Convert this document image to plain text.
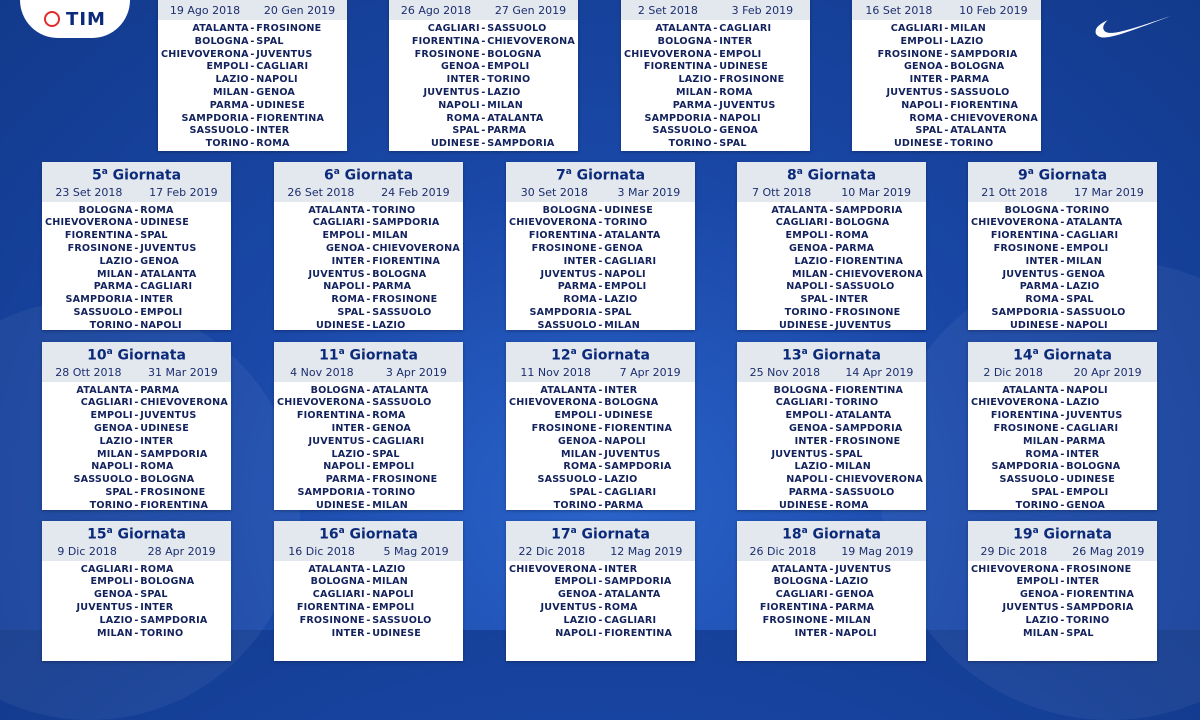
TIM	19 Ago 2018 20 Gen 2019
ATALANTA - FROSINONE
BOLOGNA - SPAL
CHIEVOVERONA - JUVENTUS
EMPOLI - CAGLIARI
LAZIO - NAPOLI
MILAN - GENOA
PARMA - UDINESE
SAMPDORIA - FIORENTINA
SASSUOLO - INTER
TORINO - ROMA
26 Ago 2018 27 Gen 2019
CAGLIARI - SASSUOLO
FIORENTINA - CHIEVOVERONA
FROSINONE - BOLOGNA
GENOA - EMPOLI
INTER - TORINO
JUVENTUS - LAZIO
NAPOLI - MILAN
ROMA - ATALANTA
SPAL - PARMA
UDINESE - SAMPDORIA
2 Set 2018	3 Feb 2019
ATALANTA - CAGLIARI
BOLOGNA - INTER
CHIEVOVERONA - EMPOLI
FIORENTINA - UDINESE
LAZIO - FROSINONE
MILAN - ROMA
PARMA - JUVENTUS
SAMPDORIA - NAPOLI
SASSUOLO - GENOA
TORINO - SPAL
16 Set 2018 10 Feb 2019
CAGLIARI - MILAN
EMPOLI - LAZIO
FROSINONE - SAMPDORIA
GENOA - BOLOGNA
INTER - PARMA
JUVENTUS - SASSUOLO
NAPOLI - FIORENTINA
ROMA - CHIEVOVERONA
SPAL - ATALANTA
UDINESE - TORINO
5$^a$ Giornata
23 Set 2018 17 Feb 2019
BOLOGNA - ROMA
CHIEVOVERONA - UDINESE
FIORENTINA - SPAL
FROSINONE - JUVENTUS
LAZIO - GENOA
MILAN - ATALANTA
PARMA - CAGLIARI
SAMPDORIA - INTER
SASSUOLO - EMPOLI
TORINO - NAPOLI
6$^a$ Giornata
26 Set 2018 24 Feb 2019
ATALANTA - TORINO
CAGLIARI - SAMPDORIA
EMPOLI - MILAN
GENOA - CHIEVOVERONA
INTER - FIORENTINA
JUVENTUS - BOLOGNA
NAPOLI - PARMA
ROMA - FROSINONE
SPAL - SASSUOLO
UDINESE - LAZIO
7$^a$ Giornata
30 Set 2018	3 Mar 2019
BOLOGNA - UDINESE
CHIEVOVERONA - TORINO
FIORENTINA - ATALANTA
FROSINONE - GENOA
INTER - CAGLIARI
JUVENTUS - NAPOLI
PARMA - EMPOLI
ROMA - LAZIO
SAMPDORIA - SPAL
SASSUOLO - MILAN
8$^a$ Giornata
7 Ott 2018	10 Mar 2019
ATALANTA - SAMPDORIA
CAGLIARI - BOLOGNA
EMPOLI - ROMA
GENOA - PARMA
LAZIO - FIORENTINA
MILAN - CHIEVOVERONA
NAPOLI - SASSUOLO
SPAL - INTER
TORINO - FROSINONE
UDINESE - JUVENTUS
9$^a$ Giornata
21 Ott 2018 17 Mar 2019
BOLOGNA - TORINO
CHIEVOVERONA - ATALANTA
FIORENTINA - CAGLIARI
FROSINONE - EMPOLI
INTER - MILAN
JUVENTUS - GENOA
PARMA - LAZIO
ROMA - SPAL
SAMPDORIA - SASSUOLO
UDINESE - NAPOLI
10$^a$ Giornata
28 Ott 2018 31 Mar 2019
ATALANTA - PARMA
CAGLIARI - CHIEVOVERONA
EMPOLI - JUVENTUS
GENOA - UDINESE
LAZIO - INTER
MILAN - SAMPDORIA
NAPOLI - ROMA
SASSUOLO - BOLOGNA
SPAL - FROSINONE
TORINO - FIORENTINA
11$^a$ Giornata
4 Nov 2018	3 Apr 2019
BOLOGNA - ATALANTA
CHIEVOVERONA - SASSUOLO
FIORENTINA - ROMA
INTER - GENOA
JUVENTUS - CAGLIARI
LAZIO - SPAL
NAPOLI - EMPOLI
PARMA - FROSINONE
SAMPDORIA - TORINO
UDINESE - MILAN
12$^a$ Giornata
11 Nov 2018	7 Apr 2019
ATALANTA - INTER
CHIEVOVERONA - BOLOGNA
EMPOLI - UDINESE
FROSINONE - FIORENTINA
GENOA - NAPOLI
MILAN - JUVENTUS
ROMA - SAMPDORIA
SASSUOLO - LAZIO
SPAL - CAGLIARI
TORINO - PARMA
13$^a$ Giornata
25 Nov 2018 14 Apr 2019
BOLOGNA - FIORENTINA
CAGLIARI - TORINO
EMPOLI - ATALANTA
GENOA - SAMPDORIA
INTER - FROSINONE
JUVENTUS - SPAL
LAZIO - MILAN
NAPOLI - CHIEVOVERONA
PARMA - SASSUOLO
UDINESE - ROMA
14$^a$ Giornata
2 Dic 2018	20 Apr 2019
ATALANTA - NAPOLI
CHIEVOVERONA - LAZIO
FIORENTINA - JUVENTUS
FROSINONE - CAGLIARI
MILAN - PARMA
ROMA - INTER
SAMPDORIA - BOLOGNA
SASSUOLO - UDINESE
SPAL - EMPOLI
TORINO - GENOA
15$^a$ Giornata
9 Dic 2018	28 Apr 2019
CAGLIARI - ROMA
EMPOLI - BOLOGNA
GENOA - SPAL
JUVENTUS - INTER
LAZIO - SAMPDORIA
MILAN - TORINO
16$^a$ Giornata
16 Dic 2018	5 Mag 2019
ATALANTA - LAZIO
BOLOGNA - MILAN
CAGLIARI - NAPOLI
FIORENTINA - EMPOLI
FROSINONE - SASSUOLO
INTER - UDINESE
17$^a$ Giornata
22 Dic 2018 12 Mag 2019
CHIEVOVERONA - INTER
EMPOLI - SAMPDORIA
GENOA - ATALANTA
JUVENTUS - ROMA
LAZIO - CAGLIARI
NAPOLI - FIORENTINA
18$^a$ Giornata
26 Dic 2018 19 Mag 2019
ATALANTA - JUVENTUS
BOLOGNA - LAZIO
CAGLIARI - GENOA
FIORENTINA - PARMA
FROSINONE - MILAN
INTER - NAPOLI
19$^a$ Giornata
29 Dic 2018 26 Mag 2019
CHIEVOVERONA - FROSINONE
EMPOLI - INTER
GENOA - FIORENTINA
JUVENTUS - SAMPDORIA
LAZIO - TORINO
MILAN - SPAL
